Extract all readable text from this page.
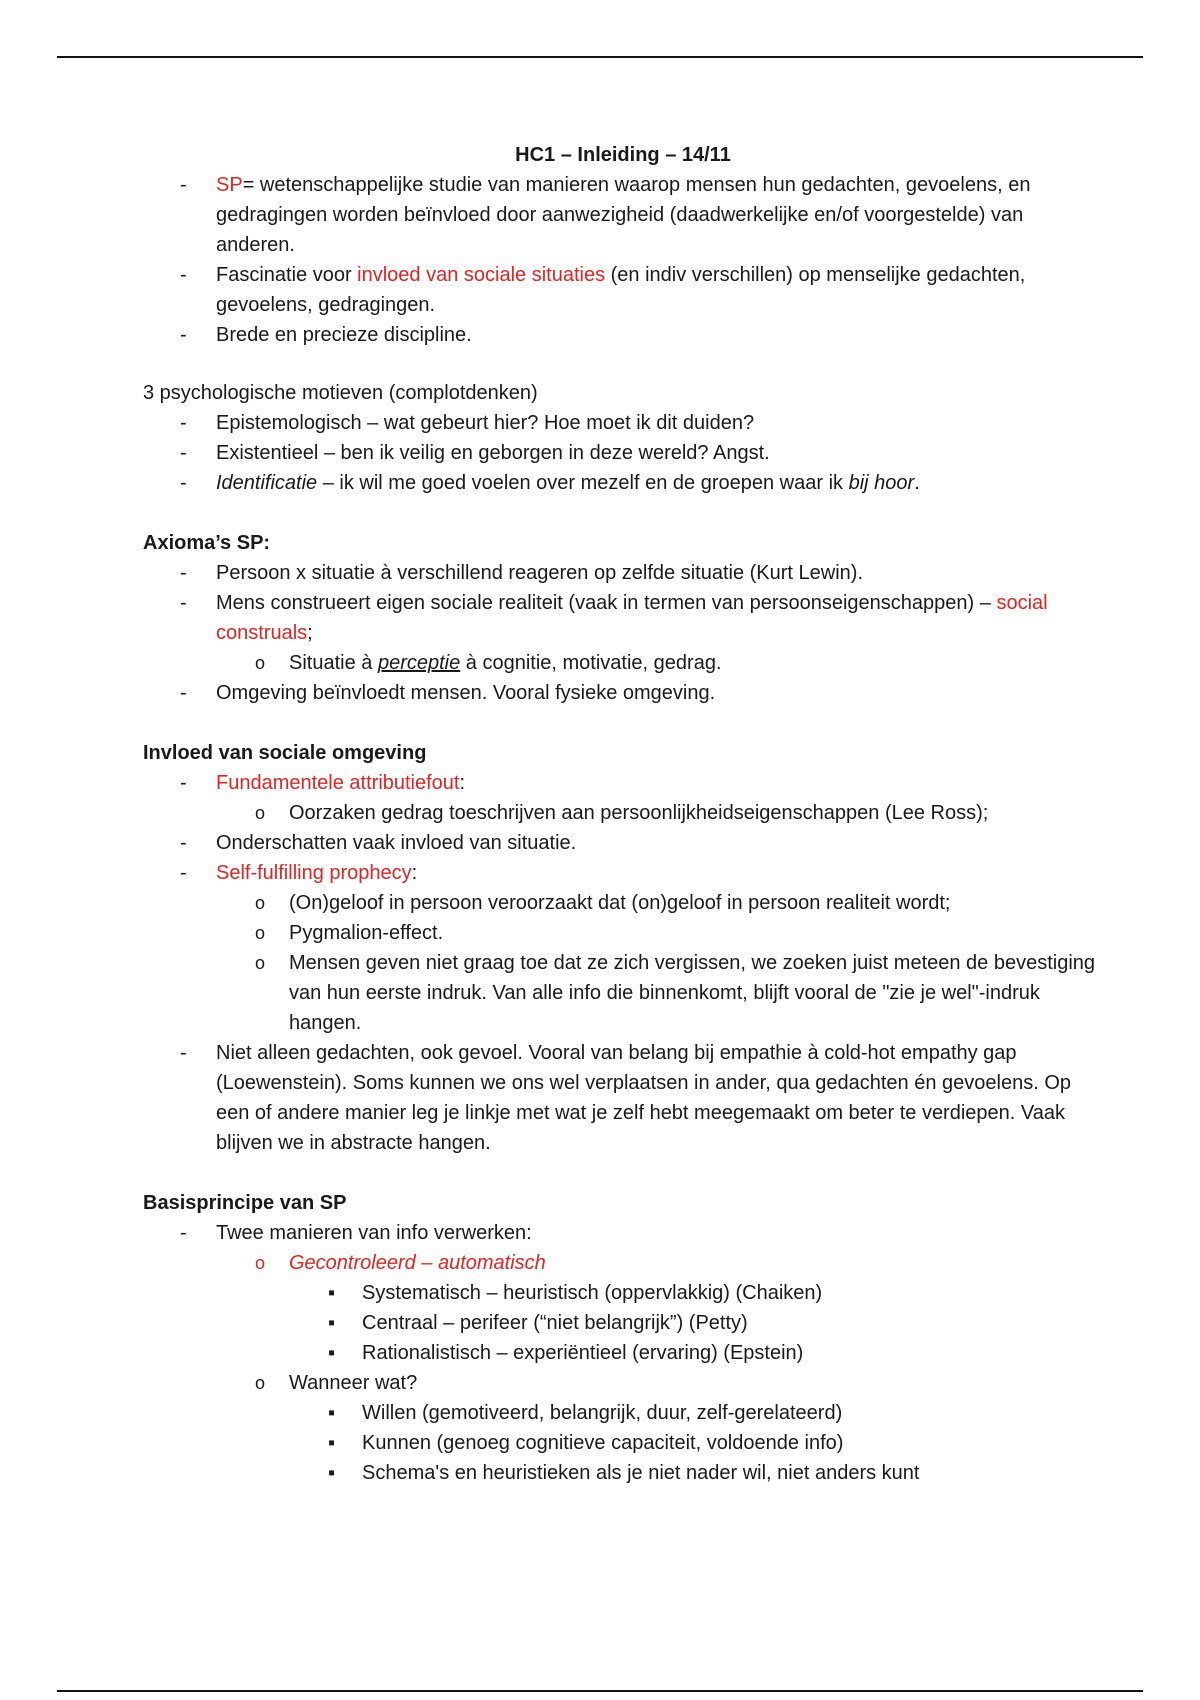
HC1 – Inleiding – 14/11

- SP= wetenschappelijke studie van manieren waarop mensen hun gedachten, gevoelens, en gedragingen worden beïnvloed door aanwezigheid (daadwerkelijke en/of voorgestelde) van anderen.
- Fascinatie voor invloed van sociale situaties (en indiv verschillen) op menselijke gedachten, gevoelens, gedragingen.
- Brede en precieze discipline.

3 psychologische motieven (complotdenken)

- Epistemologisch – wat gebeurt hier? Hoe moet ik dit duiden?
- Existentieel – ben ik veilig en geborgen in deze wereld? Angst.
- Identificatie – ik wil me goed voelen over mezelf en de groepen waar ik bij hoor.

Axioma’s SP:

- Persoon x situatie à verschillend reageren op zelfde situatie (Kurt Lewin).
- Mens construeert eigen sociale realiteit (vaak in termen van persoonseigenschappen) – social construals;
o Situatie à perceptie à cognitie, motivatie, gedrag.
- Omgeving beïnvloedt mensen. Vooral fysieke omgeving.

Invloed van sociale omgeving

- Fundamentele attributiefout:
o Oorzaken gedrag toeschrijven aan persoonlijkheidseigenschappen (Lee Ross);
- Onderschatten vaak invloed van situatie.
- Self-fulfilling prophecy:
o (On)geloof in persoon veroorzaakt dat (on)geloof in persoon realiteit wordt;
o Pygmalion-effect.
o Mensen geven niet graag toe dat ze zich vergissen, we zoeken juist meteen de bevestiging van hun eerste indruk. Van alle info die binnenkomt, blijft vooral de "zie je wel"-indruk hangen.
- Niet alleen gedachten, ook gevoel. Vooral van belang bij empathie à cold-hot empathy gap (Loewenstein). Soms kunnen we ons wel verplaatsen in ander, qua gedachten én gevoelens. Op een of andere manier leg je linkje met wat je zelf hebt meegemaakt om beter te verdiepen. Vaak blijven we in abstracte hangen.

Basisprincipe van SP

- Twee manieren van info verwerken:
o Gecontroleerd – automatisch
▪ Systematisch – heuristisch (oppervlakkig) (Chaiken)
▪ Centraal – perifeer (“niet belangrijk”) (Petty)
▪ Rationalistisch – experiëntieel (ervaring) (Epstein)
o Wanneer wat?
▪ Willen (gemotiveerd, belangrijk, duur, zelf-gerelateerd)
▪ Kunnen (genoeg cognitieve capaciteit, voldoende info)
▪ Schema's en heuristieken als je niet nader wil, niet anders kunt
